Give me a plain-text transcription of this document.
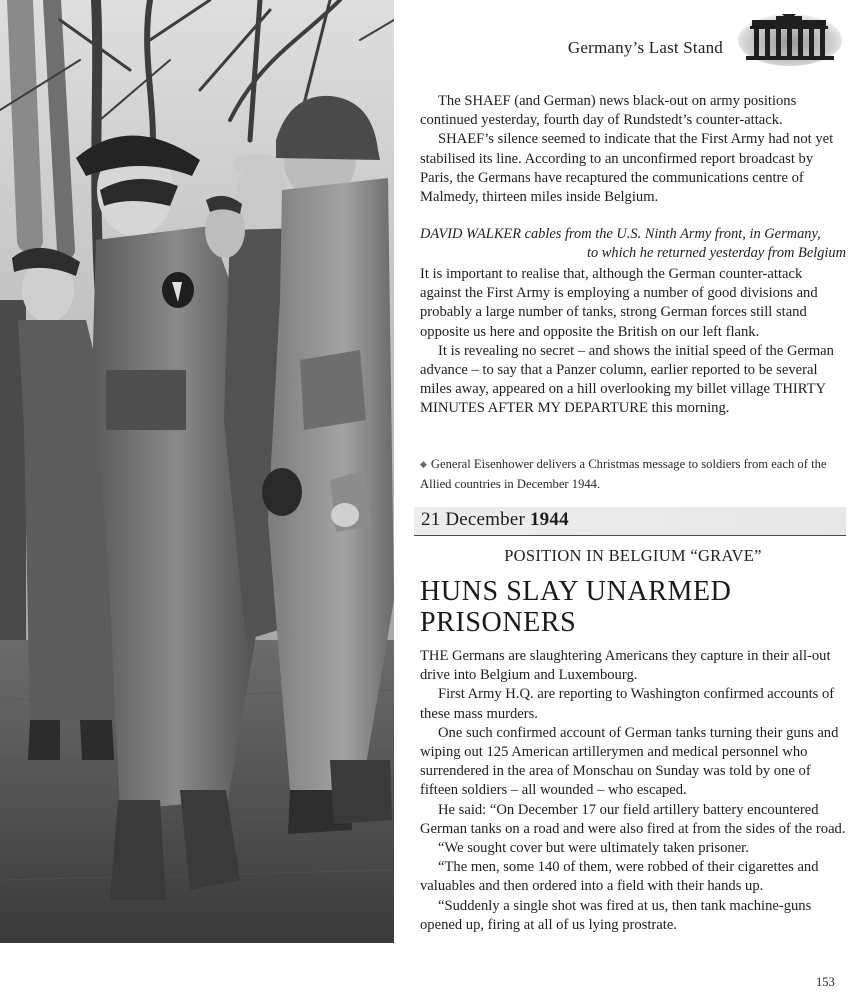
Germany’s Last Stand

The SHAEF (and German) news black-out on army positions continued yesterday, fourth day of Rundstedt’s counter-attack.

SHAEF’s silence seemed to indicate that the First Army had not yet stabilised its line. According to an unconfirmed report broadcast by Paris, the Germans have recaptured the communications centre of Malmedy, thirteen miles inside Belgium.

DAVID WALKER cables from the U.S. Ninth Army front, in Germany,
to which he returned yesterday from Belgium

It is important to realise that, although the German counter-attack against the First Army is employing a number of good divisions and probably a large number of tanks, strong German forces still stand opposite us here and opposite the British on our left flank.

It is revealing no secret – and shows the initial speed of the German advance – to say that a Panzer column, earlier reported to be several miles away, appeared on a hill overlooking my billet village THIRTY MINUTES AFTER MY DEPARTURE this morning.

◆ General Eisenhower delivers a Christmas message to soldiers from each of the Allied countries in December 1944.
21 December 1944
POSITION IN BELGIUM “GRAVE”
HUNS SLAY UNARMED
PRISONERS

THE Germans are slaughtering Americans they capture in their all-out drive into Belgium and Luxembourg.

First Army H.Q. are reporting to Washington confirmed accounts of these mass murders.

One such confirmed account of German tanks turning their guns and wiping out 125 American artillerymen and medical personnel who surrendered in the area of Monschau on Sunday was told by one of fifteen soldiers – all wounded – who escaped.

He said: “On December 17 our field artillery battery encountered German tanks on a road and were also fired at from the sides of the road.

“We sought cover but were ultimately taken prisoner.

“The men, some 140 of them, were robbed of their cigarettes and valuables and then ordered into a field with their hands up.

“Suddenly a single shot was fired at us, then tank machine-guns opened up, firing at all of us lying prostrate.

153
